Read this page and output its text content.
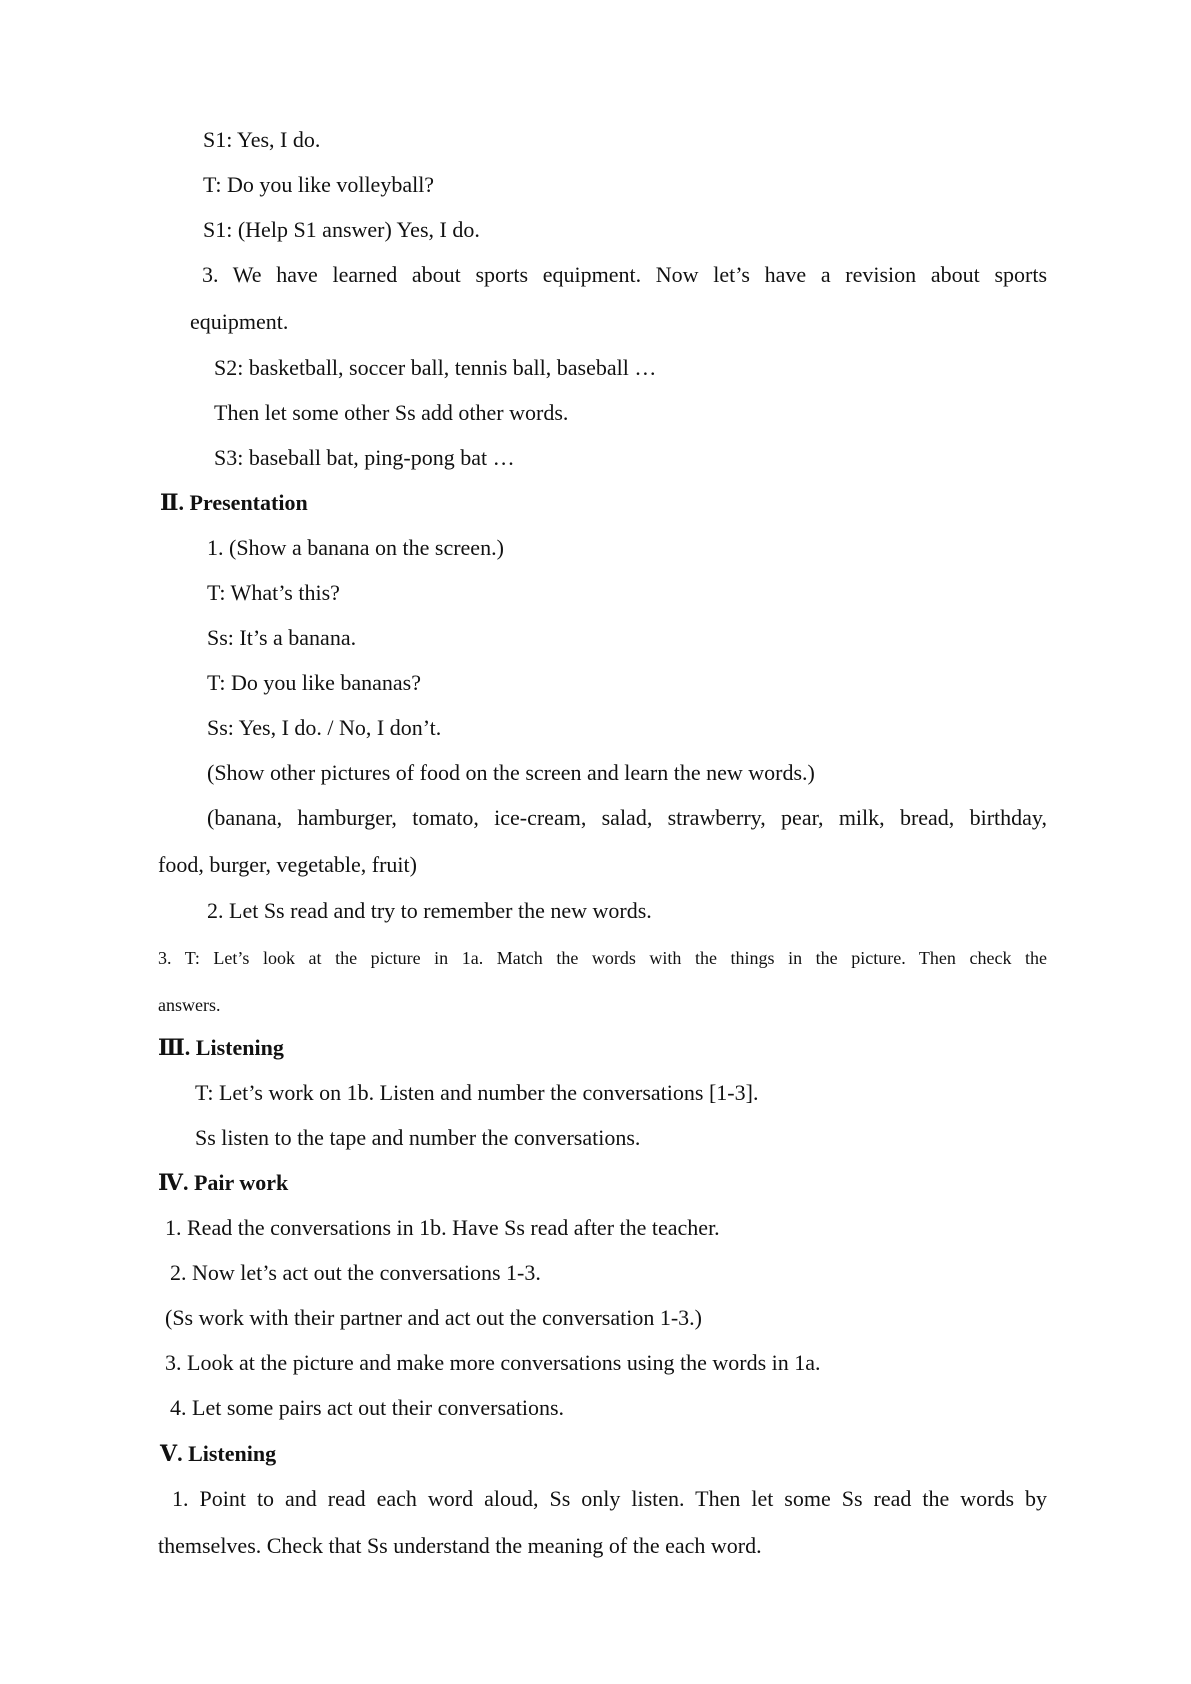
S1: Yes, I do.
T: Do you like volleyball?
S1: (Help S1 answer) Yes, I do.
3. We have learned about sports equipment. Now let’s have a revision about sports
equipment.
S2: basketball, soccer ball, tennis ball, baseball …
Then let some other Ss add other words.
S3: baseball bat, ping-pong bat …
Ⅱ. Presentation
1. (Show a banana on the screen.)
T: What’s this?
Ss: It’s a banana.
T: Do you like bananas?
Ss: Yes, I do. / No, I don’t.
(Show other pictures of food on the screen and learn the new words.)
(banana, hamburger, tomato, ice-cream, salad, strawberry, pear, milk, bread, birthday,
food, burger, vegetable, fruit)
2. Let Ss read and try to remember the new words.
3. T: Let’s look at the picture in 1a. Match the words with the things in the picture. Then check the
answers.
Ⅲ. Listening
T: Let’s work on 1b. Listen and number the conversations [1-3].
Ss listen to the tape and number the conversations.
Ⅳ. Pair work
1. Read the conversations in 1b. Have Ss read after the teacher.
2. Now let’s act out the conversations 1-3.
(Ss work with their partner and act out the conversation 1-3.)
3. Look at the picture and make more conversations using the words in 1a.
4. Let some pairs act out their conversations.
Ⅴ. Listening
1. Point to and read each word aloud, Ss only listen. Then let some Ss read the words by
themselves. Check that Ss understand the meaning of the each word.
